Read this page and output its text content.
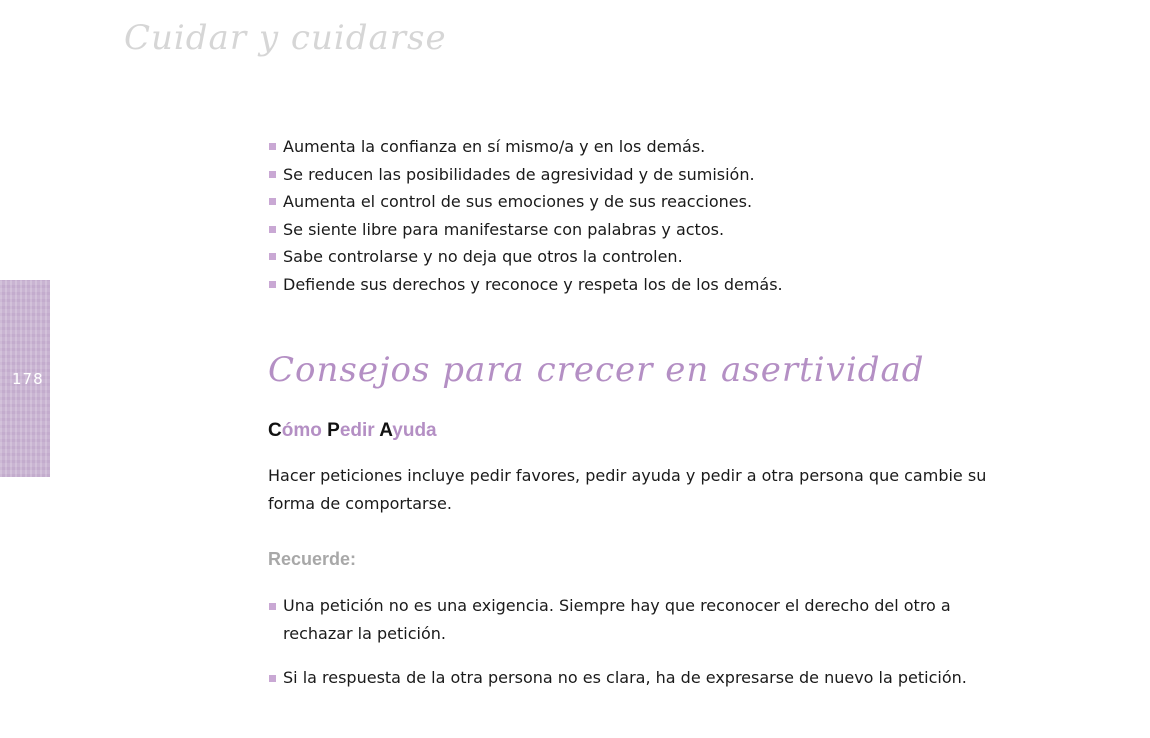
Cuidar y cuidarse
178
Aumenta la confianza en sí mismo/a y en los demás.
Se reducen las posibilidades de agresividad y de sumisión.
Aumenta el control de sus emociones y de sus reacciones.
Se siente libre para manifestarse con palabras y actos.
Sabe controlarse y no deja que otros la controlen.
Defiende sus derechos y reconoce y respeta los de los demás.
Consejos para crecer en asertividad
Cómo Pedir Ayuda

Hacer peticiones incluye pedir favores, pedir ayuda y pedir a otra persona que cambie su forma de comportarse.

Recuerde:
Una petición no es una exigencia. Siempre hay que reconocer el derecho del otro a rechazar la petición.
Si la respuesta de la otra persona no es clara, ha de expresarse de nuevo la petición.
